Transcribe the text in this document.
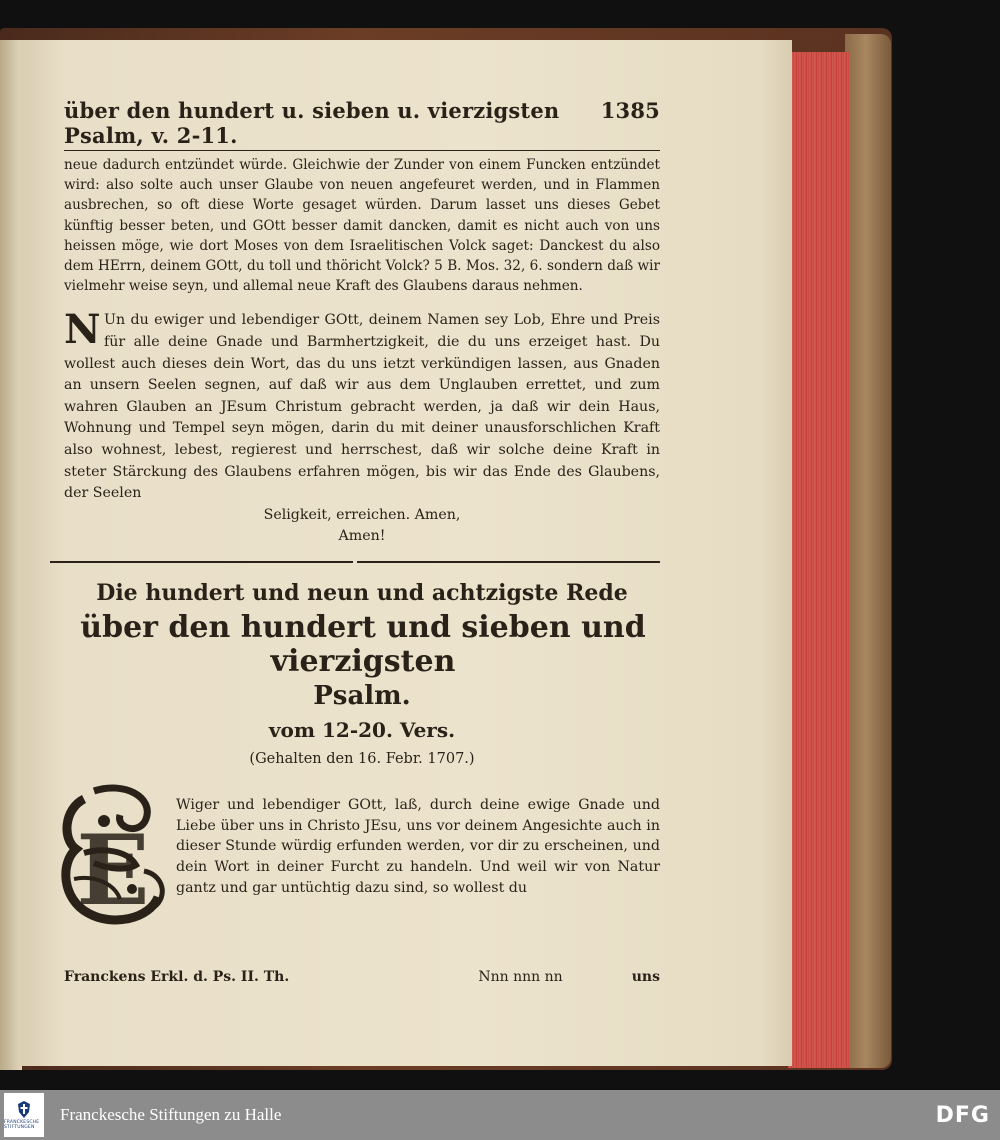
über den hundert u. sieben u. vierzigsten Psalm, v. 2-11.
1385

neue dadurch entzündet würde. Gleichwie der Zunder von einem Funcken entzündet wird: also solte auch unser Glaube von neuen angefeuret werden, und in Flammen ausbrechen, so oft diese Worte gesaget würden. Darum lasset uns dieses Gebet künftig besser beten, und GOtt besser damit dancken, damit es nicht auch von uns heissen möge, wie dort Moses von dem Israelitischen Volck saget: Danckest du also dem HErrn, deinem GOtt, du toll und thöricht Volck? 5 B. Mos. 32, 6. sondern daß wir vielmehr weise seyn, und allemal neue Kraft des Glaubens daraus nehmen.

N Un du ewiger und lebendiger GOtt, deinem Namen sey Lob, Ehre und Preis für alle deine Gnade und Barmhertzigkeit, die du uns erzeiget hast. Du wollest auch dieses dein Wort, das du uns ietzt verkündigen lassen, aus Gnaden an unsern Seelen segnen, auf daß wir aus dem Unglauben errettet, und zum wahren Glauben an JEsum Christum gebracht werden, ja daß wir dein Haus, Wohnung und Tempel seyn mögen, darin du mit deiner unausforschlichen Kraft also wohnest, lebest, regierest und herrschest, daß wir solche deine Kraft in steter Stärckung des Glaubens erfahren mögen, bis wir das Ende des Glaubens, der Seelen

Seligkeit, erreichen. Amen,

Amen!

Die hundert und neun und achtzigste Rede

über den hundert und sieben und vierzigsten

Psalm.

vom 12-20. Vers.

(Gehalten den 16. Febr. 1707.)

E

Wiger und lebendiger GOtt, laß, durch deine ewige Gnade und Liebe über uns in Christo JEsu, uns vor deinem Angesichte auch in dieser Stunde würdig erfunden werden, vor dir zu erscheinen, und dein Wort in deiner Furcht zu handeln. Und weil wir von Natur gantz und gar untüchtig dazu sind, so wollest du

Franckens Erkl. d. Ps. II. Th.	Nnn nnn nn	uns
FRANCKESCHE STIFTUNGEN
Franckesche Stiftungen zu Halle	DFG
